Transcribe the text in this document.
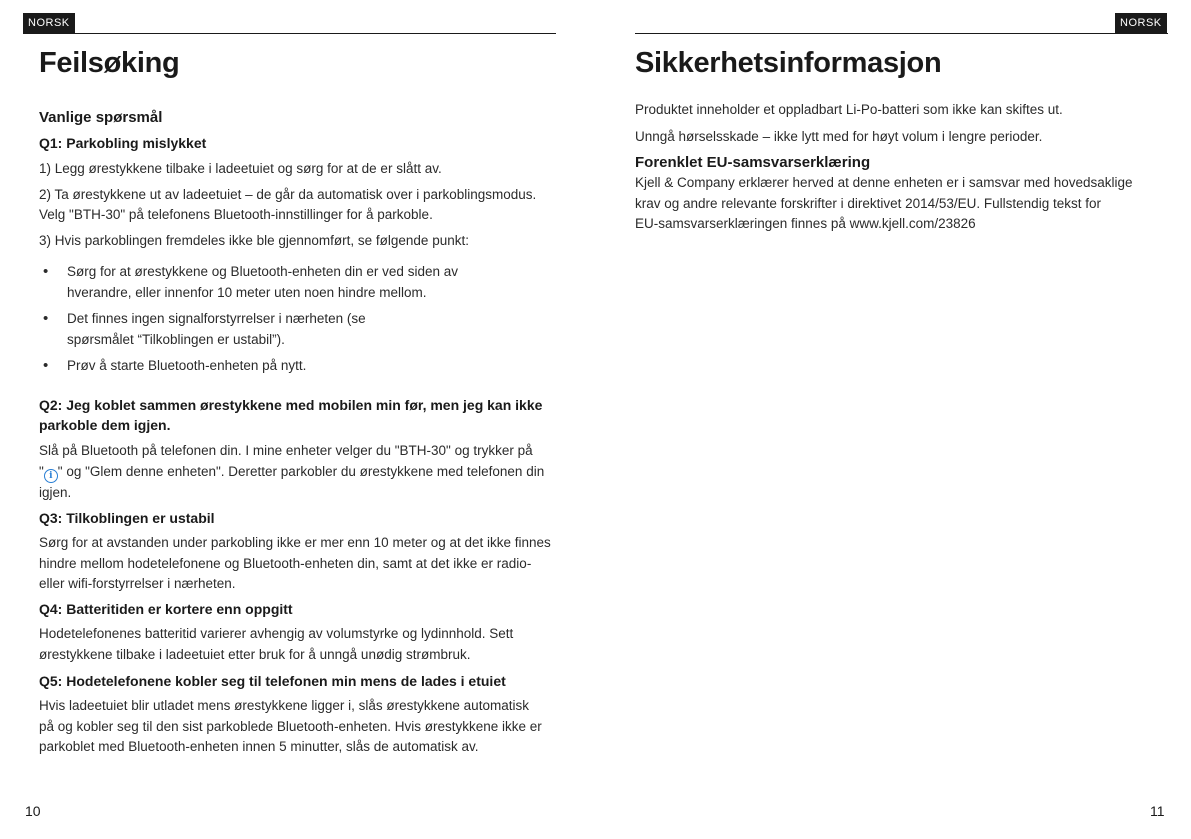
NORSK
Feilsøking
Vanlige spørsmål
Q1: Parkobling mislykket
1) Legg ørestykkene tilbake i ladeetuiet og sørg for at de er slått av.
2) Ta ørestykkene ut av ladeetuiet – de går da automatisk over i parkoblingsmodus.
Velg "BTH-30" på telefonens Bluetooth-innstillinger for å parkoble.
3) Hvis parkoblingen fremdeles ikke ble gjennomført, se følgende punkt:
• Sørg for at ørestykkene og Bluetooth-enheten din er ved siden av
hverandre, eller innenfor 10 meter uten noen hindre mellom.
• Det finnes ingen signalforstyrrelser i nærheten (se
spørsmålet “Tilkoblingen er ustabil”).
• Prøv å starte Bluetooth-enheten på nytt.
Q2: Jeg koblet sammen ørestykkene med mobilen min før, men jeg kan ikke
parkoble dem igjen.
Slå på Bluetooth på telefonen din. I mine enheter velger du "BTH-30" og trykker på
" i " og "Glem denne enheten". Deretter parkobler du ørestykkene med telefonen din
igjen.
Q3: Tilkoblingen er ustabil
Sørg for at avstanden under parkobling ikke er mer enn 10 meter og at det ikke finnes
hindre mellom hodetelefonene og Bluetooth-enheten din, samt at det ikke er radio-
eller wifi-forstyrrelser i nærheten.
Q4: Batteritiden er kortere enn oppgitt
Hodetelefonenes batteritid varierer avhengig av volumstyrke og lydinnhold. Sett
ørestykkene tilbake i ladeetuiet etter bruk for å unngå unødig strømbruk.
Q5: Hodetelefonene kobler seg til telefonen min mens de lades i etuiet
Hvis ladeetuiet blir utladet mens ørestykkene ligger i, slås ørestykkene automatisk
på og kobler seg til den sist parkoblede Bluetooth-enheten. Hvis ørestykkene ikke er
parkoblet med Bluetooth-enheten innen 5 minutter, slås de automatisk av.
10
NORSK
Sikkerhetsinformasjon
Produktet inneholder et oppladbart Li-Po-batteri som ikke kan skiftes ut.
Unngå hørselsskade – ikke lytt med for høyt volum i lengre perioder.
Forenklet EU-samsvarserklæring
Kjell & Company erklærer herved at denne enheten er i samsvar med hovedsaklige
krav og andre relevante forskrifter i direktivet 2014/53/EU. Fullstendig tekst for
EU-samsvarserklæringen finnes på www.kjell.com/23826
11
